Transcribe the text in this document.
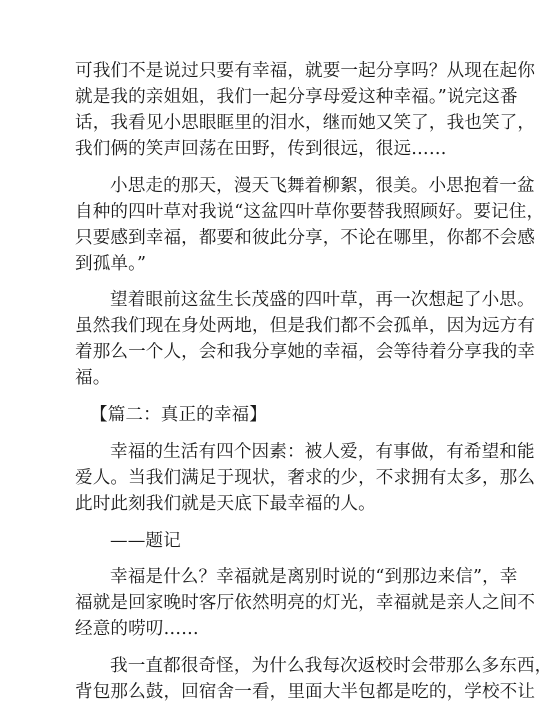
可我们不是说过只要有幸福，就要一起分享吗？从现在起你
就是我的亲姐姐，我们一起分享母爱这种幸福。”说完这番
话，我看见小思眼眶里的泪水，继而她又笑了，我也笑了，
我们俩的笑声回荡在田野，传到很远，很远……
小思走的那天，漫天飞舞着柳絮，很美。小思抱着一盆
自种的四叶草对我说“这盆四叶草你要替我照顾好。要记住，
只要感到幸福，都要和彼此分享，不论在哪里，你都不会感
到孤单。”
望着眼前这盆生长茂盛的四叶草，再一次想起了小思。
虽然我们现在身处两地，但是我们都不会孤单，因为远方有
着那么一个人，会和我分享她的幸福，会等待着分享我的幸
福。
【篇二：真正的幸福】
幸福的生活有四个因素：被人爱，有事做，有希望和能
爱人。当我们满足于现状，奢求的少，不求拥有太多，那么
此时此刻我们就是天底下最幸福的人。
——题记
幸福是什么？幸福就是离别时说的“到那边来信”，幸
福就是回家晚时客厅依然明亮的灯光，幸福就是亲人之间不
经意的唠叨……
我一直都很奇怪，为什么我每次返校时会带那么多东西，
背包那么鼓，回宿舍一看，里面大半包都是吃的，学校不让
